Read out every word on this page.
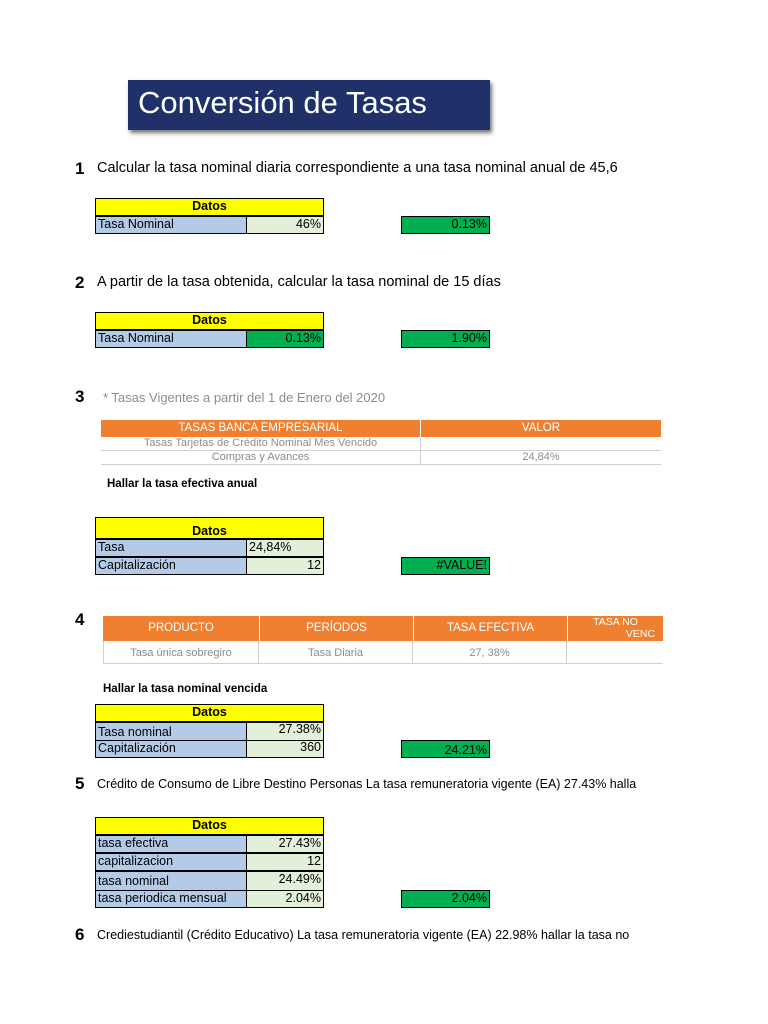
Conversión de Tasas
1 Calcular la tasa nominal diaria correspondiente a una tasa nominal anual de 45,6
Datos
Tasa Nominal	46%	0.13%
2 A partir de la tasa obtenida, calcular la tasa nominal de 15 días
Datos
Tasa Nominal	0.13%	1.90%
3 * Tasas Vigentes a partir del 1 de Enero del 2020
TASAS BANCA EMPRESARIAL	VALOR
Tasas Tarjetas de Crédito Nominal Mes Vencido
Compras y Avances	24,84%
Hallar la tasa efectiva anual
Datos
Tasa	24,84%
Capitalización	12	#VALUE!
4	PRODUCTO	PERÍODOS	TASA EFECTIVA	TASA NO
VENC
Tasa única sobregiro	Tasa Diaria	27, 38%
Hallar la tasa nominal vencida
Datos
Tasa nominal	27.38%
Capitalización	360	24.21%
5 Crédito de Consumo de Libre Destino Personas La tasa remuneratoria vigente (EA) 27.43% halla
Datos
tasa efectiva	27.43%
capitalizacion	12
tasa nominal	24.49%
tasa periodica mensual	2.04%	2.04%
6 Crediestudiantil (Crédito Educativo) La tasa remuneratoria vigente (EA) 22.98% hallar la tasa no
